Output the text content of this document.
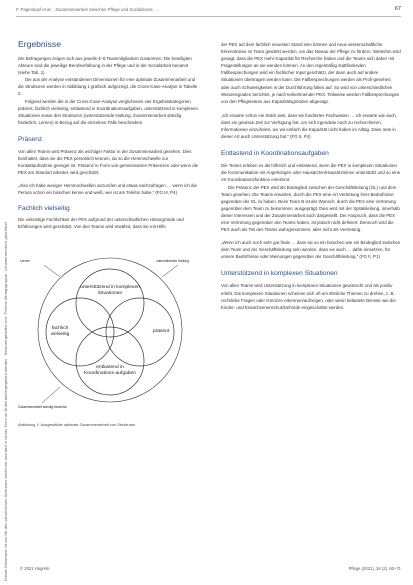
Dieses Dokument ist nur für den persönlichen Gebrauch bestimmt und darf in keiner Form an Dritte weitergegeben werden · Heruntergeladen von: Thieme Verlagsgruppe · Urheberrechtlich geschützt
F. Pagenkopf et al. · Zusammenarbeit zwischen Pflege und Sozialdienst …	67
Ergebnisse

Die Befragungen zeigen sich aus jeweils 4–5 Teammitgliedern zusammen. Die beteiligten Akteure sind die jeweilige Berufserfahrung in der Pflege und in der Sozialarbeit benannt (siehe Tab. 1).

Die aus der Analyse entstandenen Dimensionen für eine optimale Zusammenarbeit und die Strukturen werden in Abbildung 1 grafisch aufgezeigt, die Cross-Case-Analyse in Tabelle 2.

Folgend werden die in der Cross-Case-Analyse verglichenen vier Ergebniskategorien präsent, fachlich vielseitig, entlastend in Koordinationsaufgaben, unterstützend in komplexen Situationen sowie drei Strukturen (unterstützende Haltung, Zusammenarbeit ständig förderlich, Lernen) in Bezug auf die einzelnen Fälle beschrieben.

Präsenz

Von allen Teams wird Präsenz als wichtiger Faktor in der Zusammenarbeit gesehen. Dies beinhaltet, dass sie die PEX persönlich kennen, da so die Hemmschwelle zur Kontaktaufnahme geringer ist. Präsenz in Form von gemeinsamen Präsenzen oder wenn die PEX am Standort arbeitet, wird geschätzt.

„Also ich habe weniger Hemmschwellen anzurufen und etwas nachzufragen … wenn ich die Person schon ein bisschen kenne und weiß, wer ist am Telefon habe.“ (FG III, P4)

Fachlich vielseitig

Die vielseitige Fachlichkeit der PEX aufgrund der unterschiedlichen Hintergründe und Erfahrungen wird geschätzt. Von den Teams wird erwähnt, dass sie mit Hilfe

unterstützend in komplexen Situationen
fachlich vielseitig
präsent
entlastend in Koordinations-aufgaben
Lernen	unterstützende Haltung
Zusammenarbeit ständig förderlich

Abbildung 1: Ausgewählte optimale Zusammenarbeit von Strukturen

der PEX auf dem fachlich neuesten Stand sein können und neue wissenschaftliche Erkenntnisse im Team gestärkt werden, um das Niveau der Pflege zu fördern. Weiterhin wird gesagt, dass die PEX mehr Kapazität für Recherche haben und die Teams sich daher mit Fragestellungen an sie wenden können. An den regelmäßig stattfindenden Fallbesprechungen wird ein fachlicher Input geschätzt, der dann auch auf andere Situationen übertragen werden kann. Die Fallbesprechungen werden als Profi-gesehen, aber auch Schwierigkeiten in der Durchführung fallen auf. So wird von unterschiedlichen Wissensgraden berichtet, je nach teilnehmender PEX. Teilweise werden Fallbesprechungen von den Pflegeteams aus Kapazitätsgründen abgesagt.

„Ich erwarte schon ein Stück weit, dass sie fundiertes Fachwissen … ich erwarte wie auch, dass sie gewisse Zeit zur Verfügung hat, um sich irgendwie noch zu recherchieren, Informationen einzuholen, wo wir einfach die Kapazität nicht haben im Alltag. Dass man in dieser Art auch Unterstützung hat.“ (FG II, P4)

Entlastend in Koordinationsaufgaben

Die Teams erleben es als hilfreich und entlastend, wenn die PEX in komplexen Situationen die Kommunikation mit Angehörigen oder Hausärzten/Hausärztinnen unterstützt und so eine Art Koordinationsfunktion einnimmt.

Die Präsenz der PEX wird als Bindeglied zwischen der Geschäftsleitung (GL) und dem Team gesehen. Die Teams erwarten, durch die PEX eine Art Vertretung ihrer Bedürfnisse gegenüber der GL zu haben. Beim Team B ist der Wunsch, durch die PEX eine Vertretung gegenüber dem Team zu bekommen, ausgeprägt. Dies wird mit der Spitalsleitung, innerhalb dieser Interessen und der Zusammenarbeit auch dargestellt. Der Anspruch, dass die PEX eine Vertretung gegenüber den Teams haben, ist jedoch nicht definiert. Dennoch wird die PEX auch als Teil des Teams wahrgenommen, aber nicht als Vertretung.

„Wenn ich auch noch sehr gut finde … dass sie so ein bisschen wie ein Bindeglied zwischen dem Team und der Geschäftsleitung sein werden, dass sie auch … dafür einsetzen, für unsere Bedürfnisse oder Meinungen gegenüber der Geschäftsleitung.“ (FG II, P1)

Unterstützend in komplexen Situationen

Von allen Teams wird Unterstützung in komplexen Situationen gewünscht und als positiv erlebt. Die komplexen Situationen scheinen sich oft um ähnliche Themen zu drehen, z. B. rechtliche Fragen oder Grenzen erkennen/aufzeigen, oder wenn belastete Dienste wie die Kinder- und Erwachsenenschutzbehörde eingeschaltet werden.

© 2021 Hogrefe	Pflege (2021), 34 (2), 63–71
